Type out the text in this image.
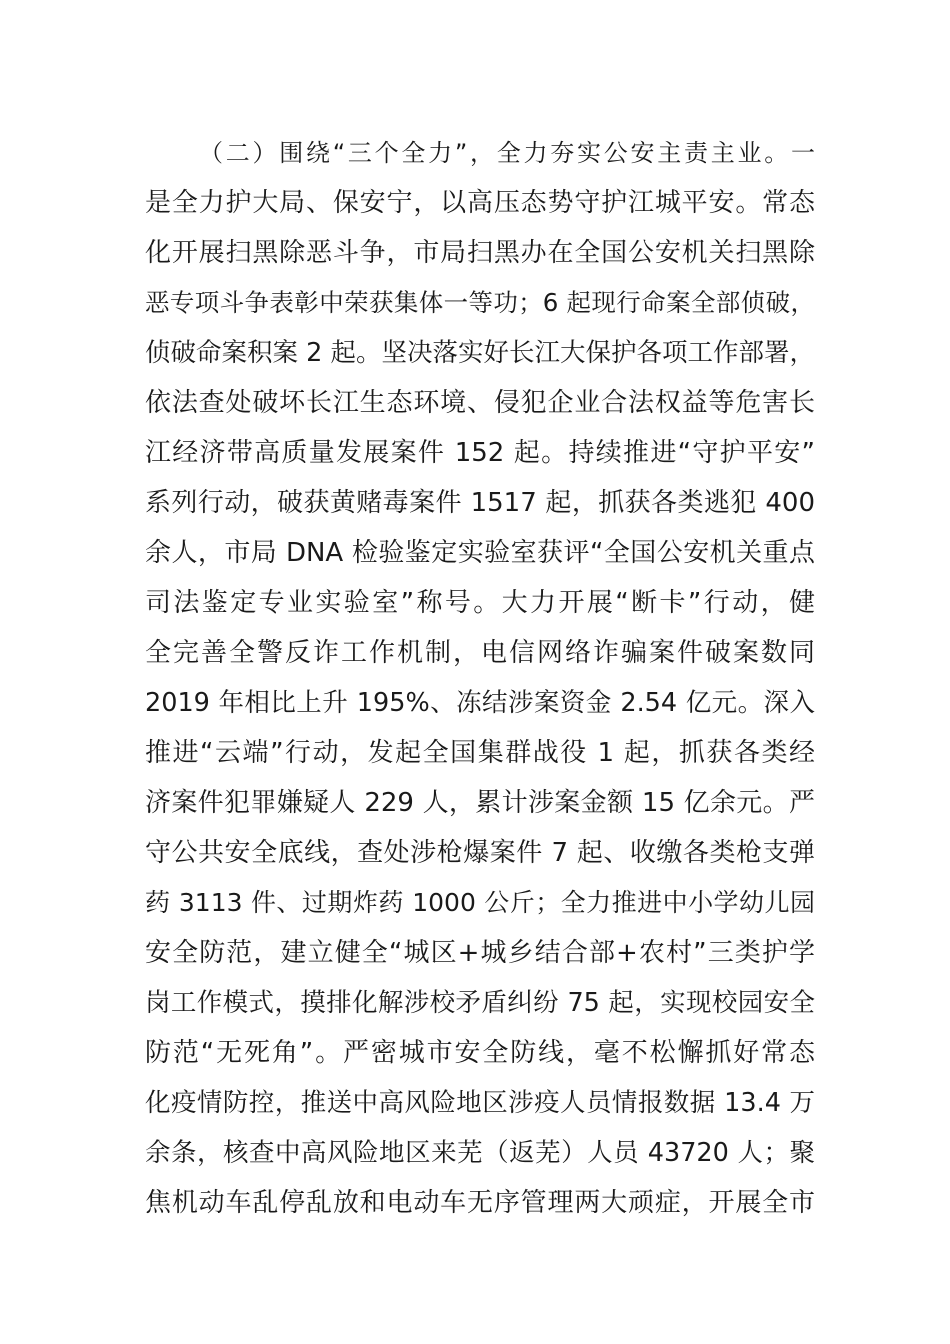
（二）围绕“三个全力”，全力夯实公安主责主业。一
是全力护大局、保安宁，以高压态势守护江城平安。常态
化开展扫黑除恶斗争，市局扫黑办在全国公安机关扫黑除
恶专项斗争表彰中荣获集体一等功；6 起现行命案全部侦破，
侦破命案积案 2 起。坚决落实好长江大保护各项工作部署，
依法查处破坏长江生态环境、侵犯企业合法权益等危害长
江经济带高质量发展案件 152 起。持续推进“守护平安”
系列行动，破获黄赌毒案件 1517 起，抓获各类逃犯 400
余人，市局 DNA 检验鉴定实验室获评“全国公安机关重点
司法鉴定专业实验室”称号。大力开展“断卡”行动，健
全完善全警反诈工作机制，电信网络诈骗案件破案数同
2019 年相比上升 195%、冻结涉案资金 2.54 亿元。深入
推进“云端”行动，发起全国集群战役 1 起，抓获各类经
济案件犯罪嫌疑人 229 人，累计涉案金额 15 亿余元。严
守公共安全底线，查处涉枪爆案件 7 起、收缴各类枪支弹
药 3113 件、过期炸药 1000 公斤；全力推进中小学幼儿园
安全防范，建立健全“城区+城乡结合部+农村”三类护学
岗工作模式，摸排化解涉校矛盾纠纷 75 起，实现校园安全
防范“无死角”。严密城市安全防线，毫不松懈抓好常态
化疫情防控，推送中高风险地区涉疫人员情报数据 13.4 万
余条，核查中高风险地区来芜（返芜）人员 43720 人；聚
焦机动车乱停乱放和电动车无序管理两大顽症，开展全市
